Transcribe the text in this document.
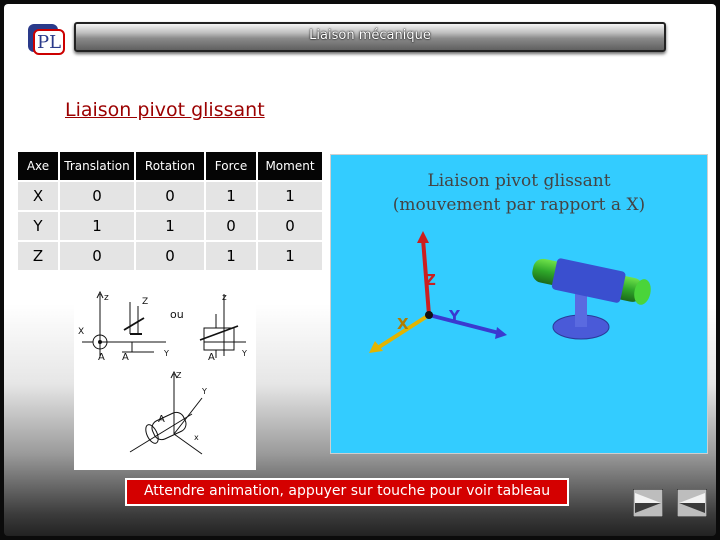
PL	Liaison mécanique
Liaison pivot glissant
Axe	Translation	Rotation	Force	Moment
X	0	0	1	1
Y	1	1	0	0
Z	0	0	1	1
z	Z
X
ou
A A	Y
z
A	Y
Z
Y
A
x
Liaison pivot glissant
(mouvement par rapport a X)
Z
Y
X
Attendre animation, appuyer sur touche pour voir tableau
